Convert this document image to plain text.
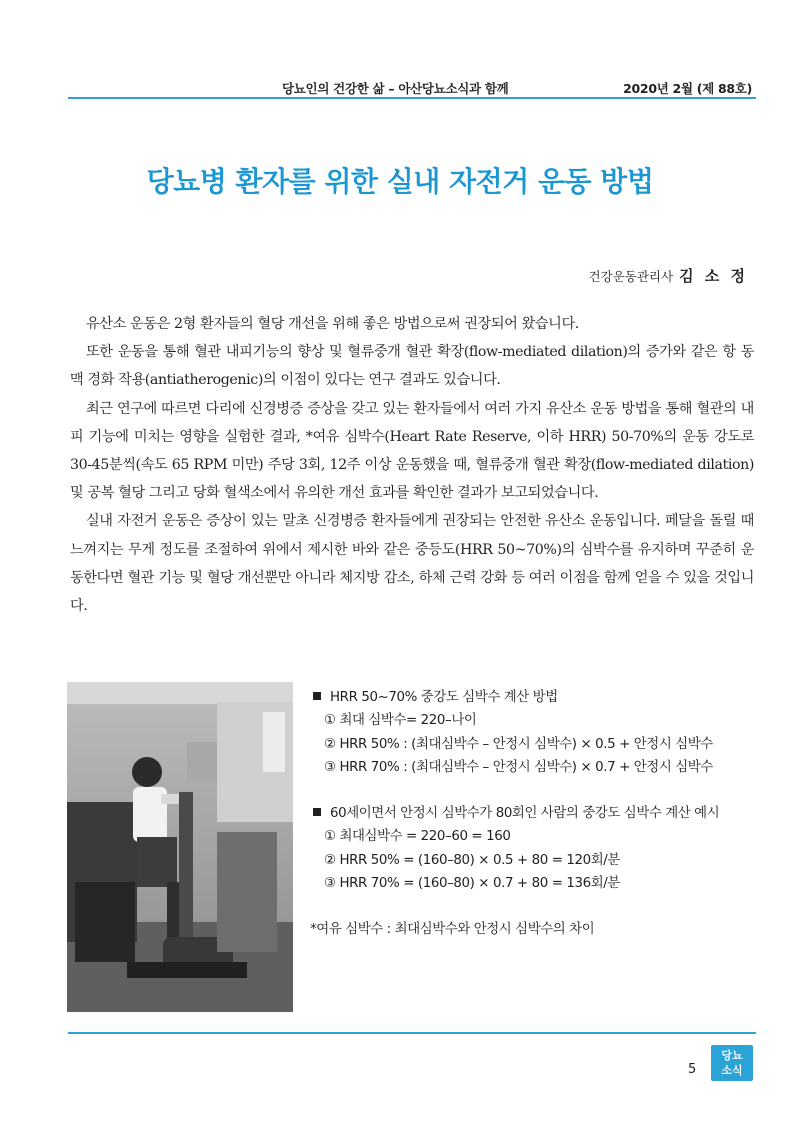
당뇨인의 건강한 삶 – 아산당뇨소식과 함께	2020년 2월 (제 88호)
당뇨병 환자를 위한 실내 자전거 운동 방법
건강운동관리사 김 소 정

유산소 운동은 2형 환자들의 혈당 개선을 위해 좋은 방법으로써 권장되어 왔습니다.

또한 운동을 통해 혈관 내피기능의 향상 및 혈류중개 혈관 확장(flow-mediated dilation)의 증가와 같은 항 동맥 경화 작용(antiatherogenic)의 이점이 있다는 연구 결과도 있습니다.

최근 연구에 따르면 다리에 신경병증 증상을 갖고 있는 환자들에서 여러 가지 유산소 운동 방법을 통해 혈관의 내피 기능에 미치는 영향을 실험한 결과, *여유 심박수(Heart Rate Reserve, 이하 HRR) 50-70%의 운동 강도로 30-45분씩(속도 65 RPM 미만) 주당 3회, 12주 이상 운동했을 때, 혈류중개 혈관 확장(flow-mediated dilation) 및 공복 혈당 그리고 당화 혈색소에서 유의한 개선 효과를 확인한 결과가 보고되었습니다.

실내 자전거 운동은 증상이 있는 말초 신경병증 환자들에게 권장되는 안전한 유산소 운동입니다. 페달을 돌릴 때 느껴지는 무게 정도를 조절하여 위에서 제시한 바와 같은 중등도(HRR 50~70%)의 심박수를 유지하며 꾸준히 운동한다면 혈관 기능 및 혈당 개선뿐만 아니라 체지방 감소, 하체 근력 강화 등 여러 이점을 함께 얻을 수 있을 것입니다.

HRR 50~70% 중강도 심박수 계산 방법
① 최대 심박수= 220–나이
② HRR 50% : (최대심박수 – 안정시 심박수) × 0.5 + 안정시 심박수
③ HRR 70% : (최대심박수 – 안정시 심박수) × 0.7 + 안정시 심박수
60세이면서 안정시 심박수가 80회인 사람의 중강도 심박수 계산 예시
① 최대심박수 = 220–60 = 160
② HRR 50% = (160–80) × 0.5 + 80 = 120회/분
③ HRR 70% = (160–80) × 0.7 + 80 = 136회/분
*여유 심박수 : 최대심박수와 안정시 심박수의 차이
5
당뇨
소식
